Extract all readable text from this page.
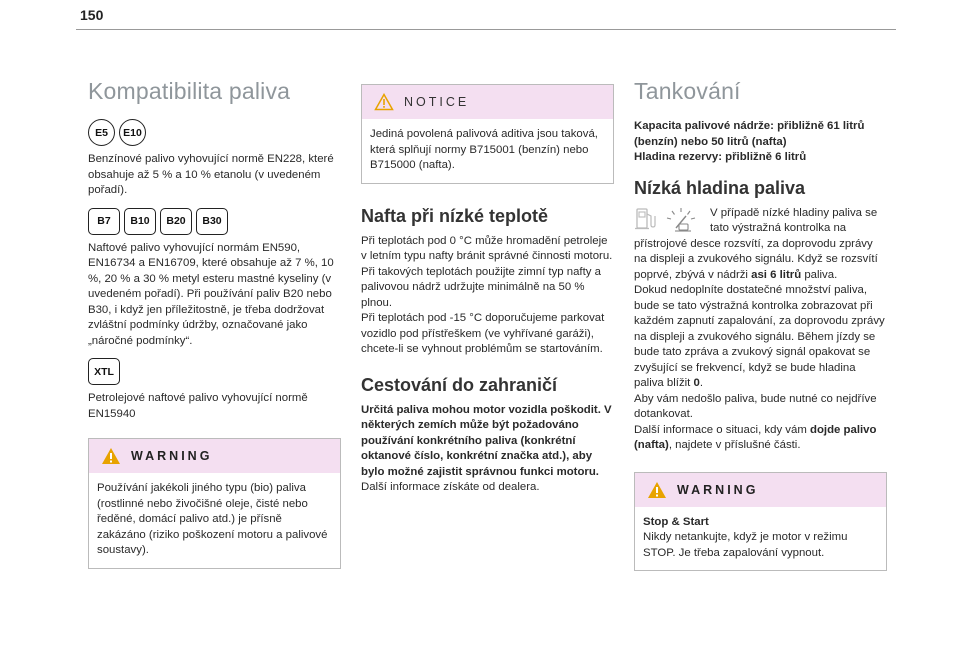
150
Kompatibilita paliva
E5	E10

Benzínové palivo vyhovující normě EN228, které obsahuje až 5 % a 10 % etanolu (v uvedeném pořadí).

B7	B10	B20	B30

Naftové palivo vyhovující normám EN590, EN16734 a EN16709, které obsahuje až 7 %, 10 %, 20 % a 30 % metyl esteru mastné kyseliny (v uvedeném pořadí). Při používání paliv B20 nebo B30, i když jen příležitostně, je třeba dodržovat zvláštní podmínky údržby, označované jako „náročné podmínky“.

XTL

Petrolejové naftové palivo vyhovující normě EN15940

WARNING

Používání jakékoli jiného typu (bio) paliva (rostlinné nebo živočišné oleje, čisté nebo ředěné, domácí palivo atd.) je přísně zakázáno (riziko poškození motoru a palivové soustavy).

NOTICE

Jediná povolená palivová aditiva jsou taková, která splňují normy B715001 (benzín) nebo B715000 (nafta).

Nafta při nízké teplotě

Při teplotách pod 0 °C může hromadění petroleje v letním typu nafty bránit správné činnosti motoru. Při takových teplotách použijte zimní typ nafty a palivovou nádrž udržujte minimálně na 50 % plnou.

Při teplotách pod -15 °C doporučujeme parkovat vozidlo pod přístřeškem (ve vyhřívané garáži), chcete-li se vyhnout problémům se startováním.

Cestování do zahraničí

Určitá paliva mohou motor vozidla poškodit. V některých zemích může být požadováno používání konkrétního paliva (konkrétní oktanové číslo, konkrétní značka atd.), aby bylo možné zajistit správnou funkci motoru.

Další informace získáte od dealera.

Tankování

Kapacita palivové nádrže: přibližně 61 litrů (benzín) nebo 50 litrů (nafta)

Hladina rezervy: přibližně 6 litrů

Nízká hladina paliva

V případě nízké hladiny paliva se tato výstražná kontrolka na přístrojové desce rozsvítí, za doprovodu zprávy na displeji a zvukového signálu. Když se rozsvítí poprvé, zbývá v nádrži asi 6 litrů paliva.

Dokud nedoplníte dostatečné množství paliva, bude se tato výstražná kontrolka zobrazovat při každém zapnutí zapalování, za doprovodu zprávy na displeji a zvukového signálu. Během jízdy se bude tato zpráva a zvukový signál opakovat se zvyšující se frekvencí, když se bude hladina paliva blížit 0.

Aby vám nedošlo paliva, bude nutné co nejdříve dotankovat.

Další informace o situaci, kdy vám dojde palivo (nafta), najdete v příslušné části.

WARNING

Stop & Start

Nikdy netankujte, když je motor v režimu STOP. Je třeba zapalování vypnout.
